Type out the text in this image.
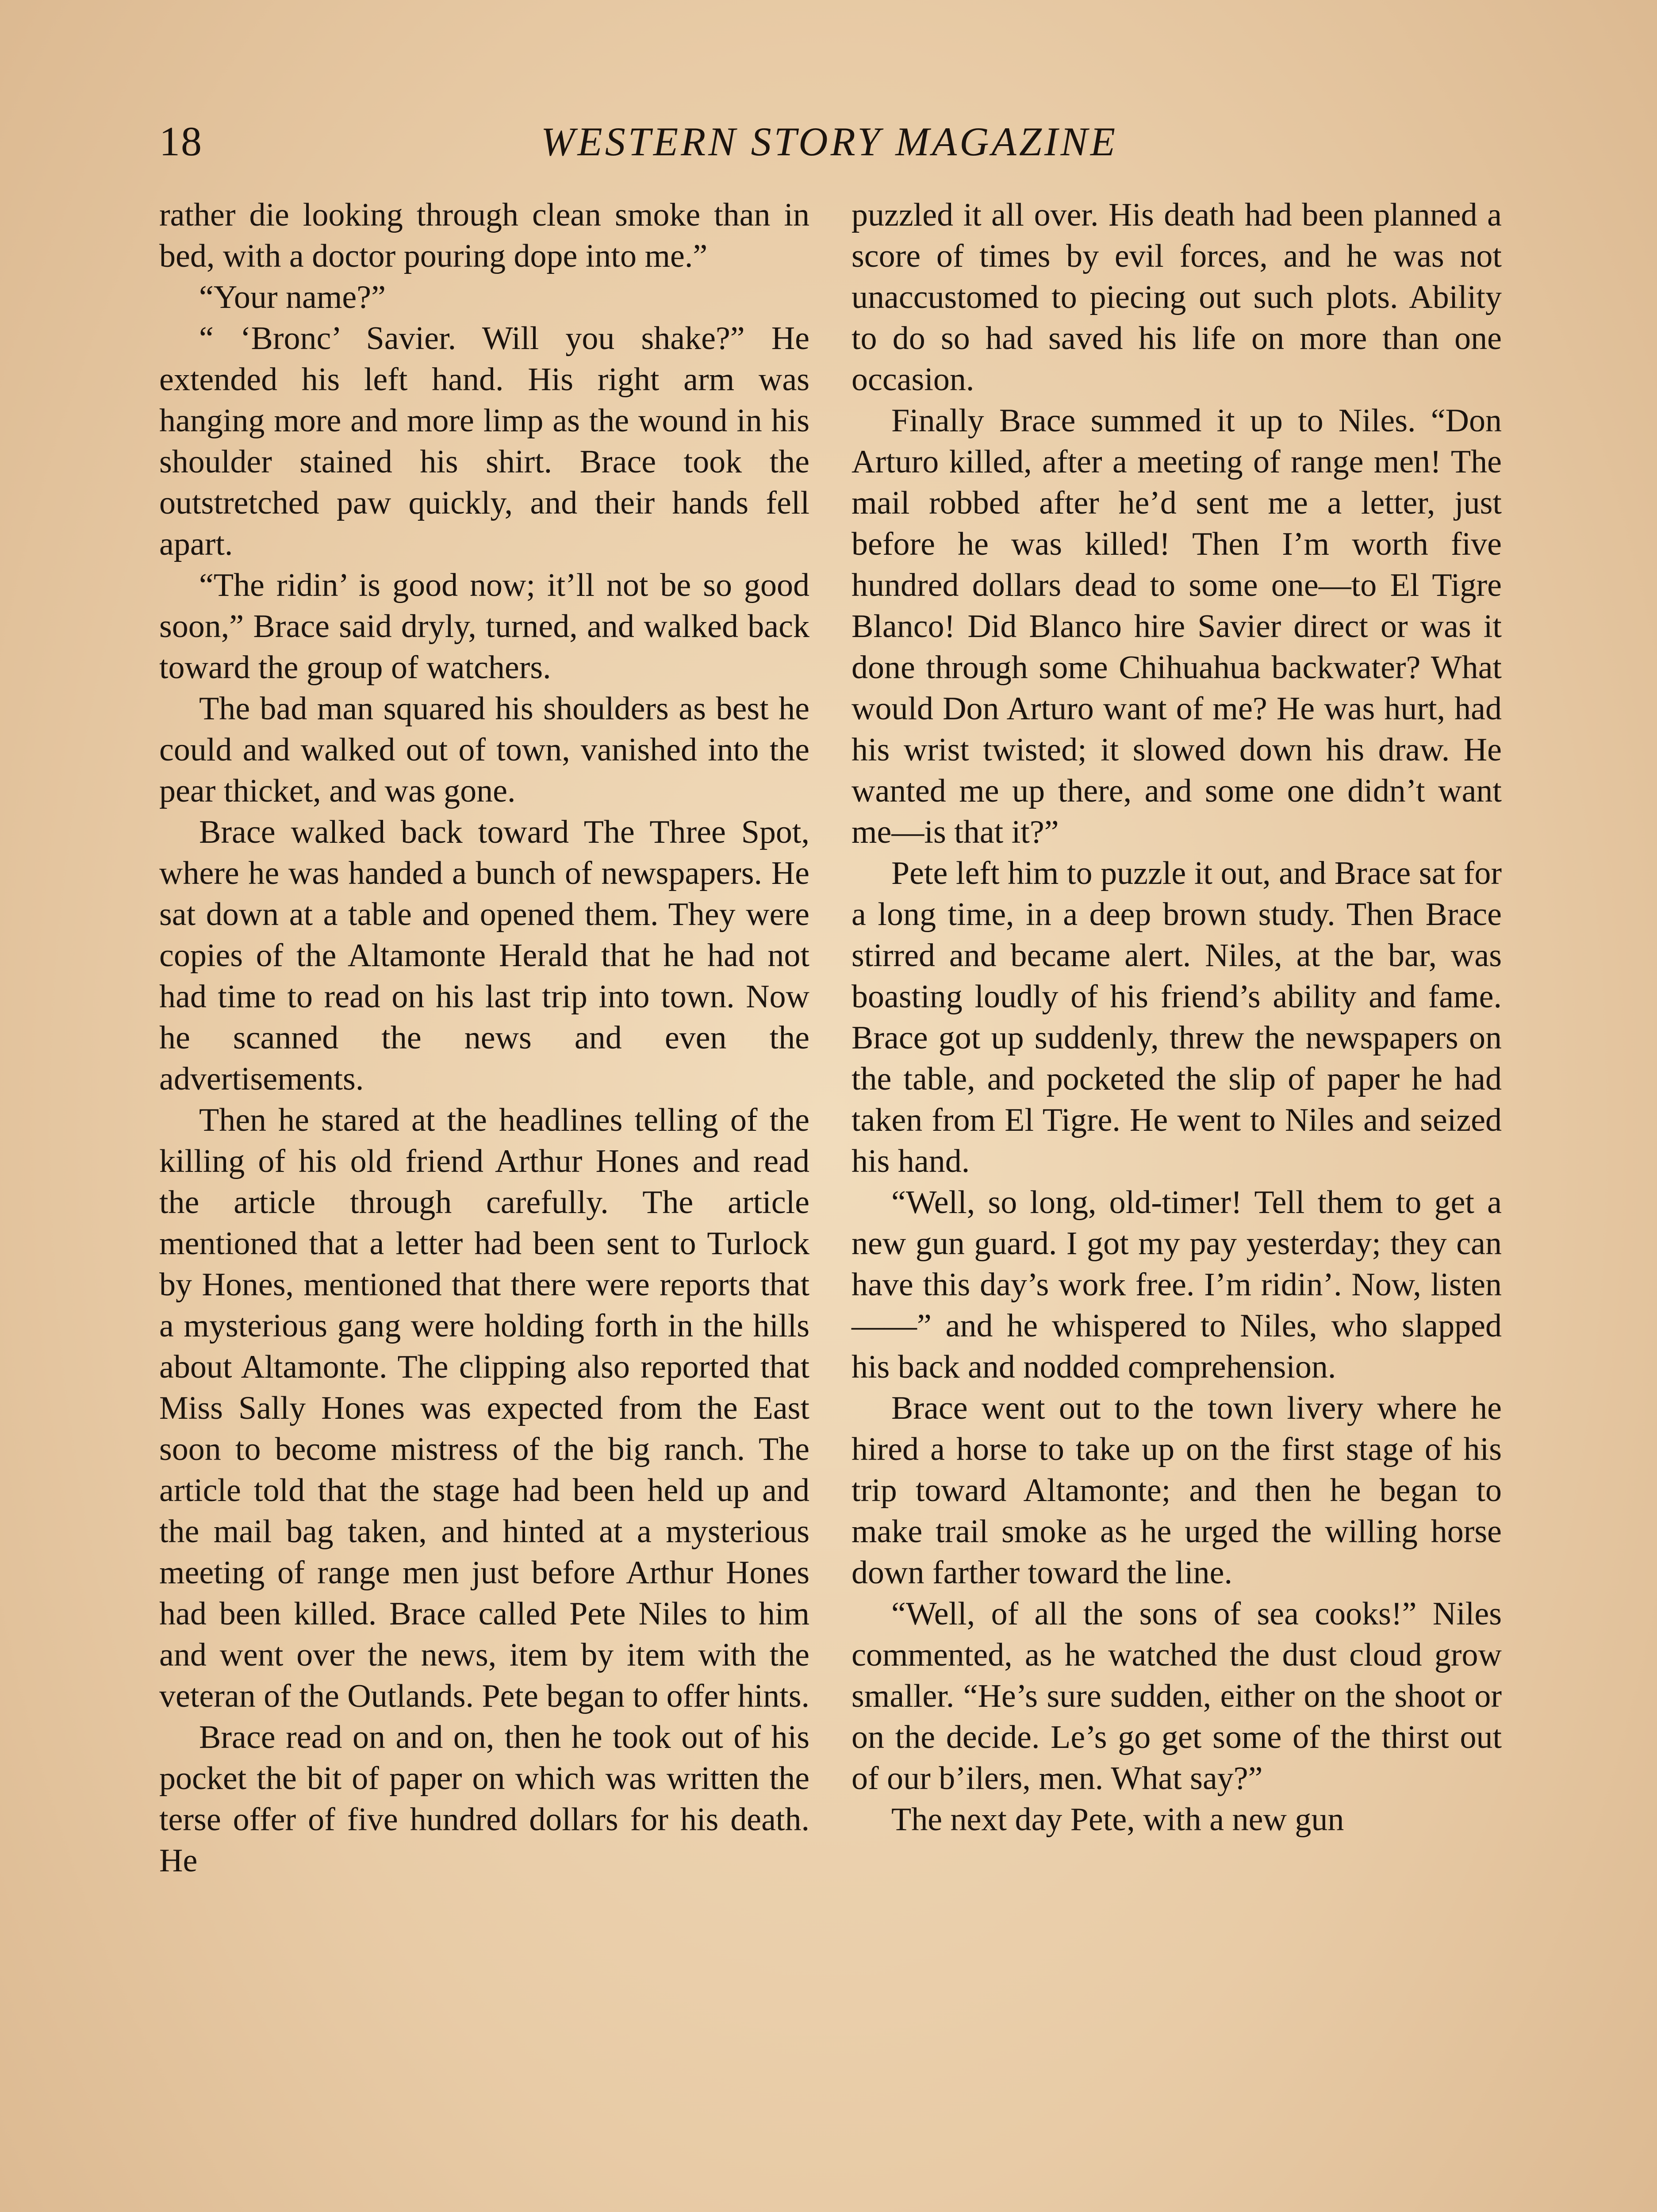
18	WESTERN STORY MAGAZINE

rather die looking through clean smoke than in bed, with a doctor pouring dope into me.”

“Your name?”

“ ‘Bronc’ Savier. Will you shake?” He extended his left hand. His right arm was hanging more and more limp as the wound in his shoulder stained his shirt. Brace took the outstretched paw quickly, and their hands fell apart.

“The ridin’ is good now; it’ll not be so good soon,” Brace said dryly, turned, and walked back toward the group of watchers.

The bad man squared his shoulders as best he could and walked out of town, vanished into the pear thicket, and was gone.

Brace walked back toward The Three Spot, where he was handed a bunch of newspapers. He sat down at a table and opened them. They were copies of the Altamonte Herald that he had not had time to read on his last trip into town. Now he scanned the news and even the advertisements.

Then he stared at the headlines telling of the killing of his old friend Arthur Hones and read the article through carefully. The article mentioned that a letter had been sent to Turlock by Hones, mentioned that there were reports that a mysterious gang were holding forth in the hills about Altamonte. The clipping also reported that Miss Sally Hones was expected from the East soon to become mistress of the big ranch. The article told that the stage had been held up and the mail bag taken, and hinted at a mysterious meeting of range men just before Arthur Hones had been killed. Brace called Pete Niles to him and went over the news, item by item with the veteran of the Outlands. Pete began to offer hints.

Brace read on and on, then he took out of his pocket the bit of paper on which was written the terse offer of five hundred dollars for his death. He

puzzled it all over. His death had been planned a score of times by evil forces, and he was not unaccustomed to piecing out such plots. Ability to do so had saved his life on more than one occasion.

Finally Brace summed it up to Niles. “Don Arturo killed, after a meeting of range men! The mail robbed after he’d sent me a letter, just before he was killed! Then I’m worth five hundred dollars dead to some one—to El Tigre Blanco! Did Blanco hire Savier direct or was it done through some Chihuahua backwater? What would Don Arturo want of me? He was hurt, had his wrist twisted; it slowed down his draw. He wanted me up there, and some one didn’t want me—is that it?”

Pete left him to puzzle it out, and Brace sat for a long time, in a deep brown study. Then Brace stirred and became alert. Niles, at the bar, was boasting loudly of his friend’s ability and fame. Brace got up suddenly, threw the newspapers on the table, and pocketed the slip of paper he had taken from El Tigre. He went to Niles and seized his hand.

“Well, so long, old-timer! Tell them to get a new gun guard. I got my pay yesterday; they can have this day’s work free. I’m ridin’. Now, listen——” and he whispered to Niles, who slapped his back and nodded comprehension.

Brace went out to the town livery where he hired a horse to take up on the first stage of his trip toward Altamonte; and then he began to make trail smoke as he urged the willing horse down farther toward the line.

“Well, of all the sons of sea cooks!” Niles commented, as he watched the dust cloud grow smaller. “He’s sure sudden, either on the shoot or on the decide. Le’s go get some of the thirst out of our b’ilers, men. What say?”

The next day Pete, with a new gun
